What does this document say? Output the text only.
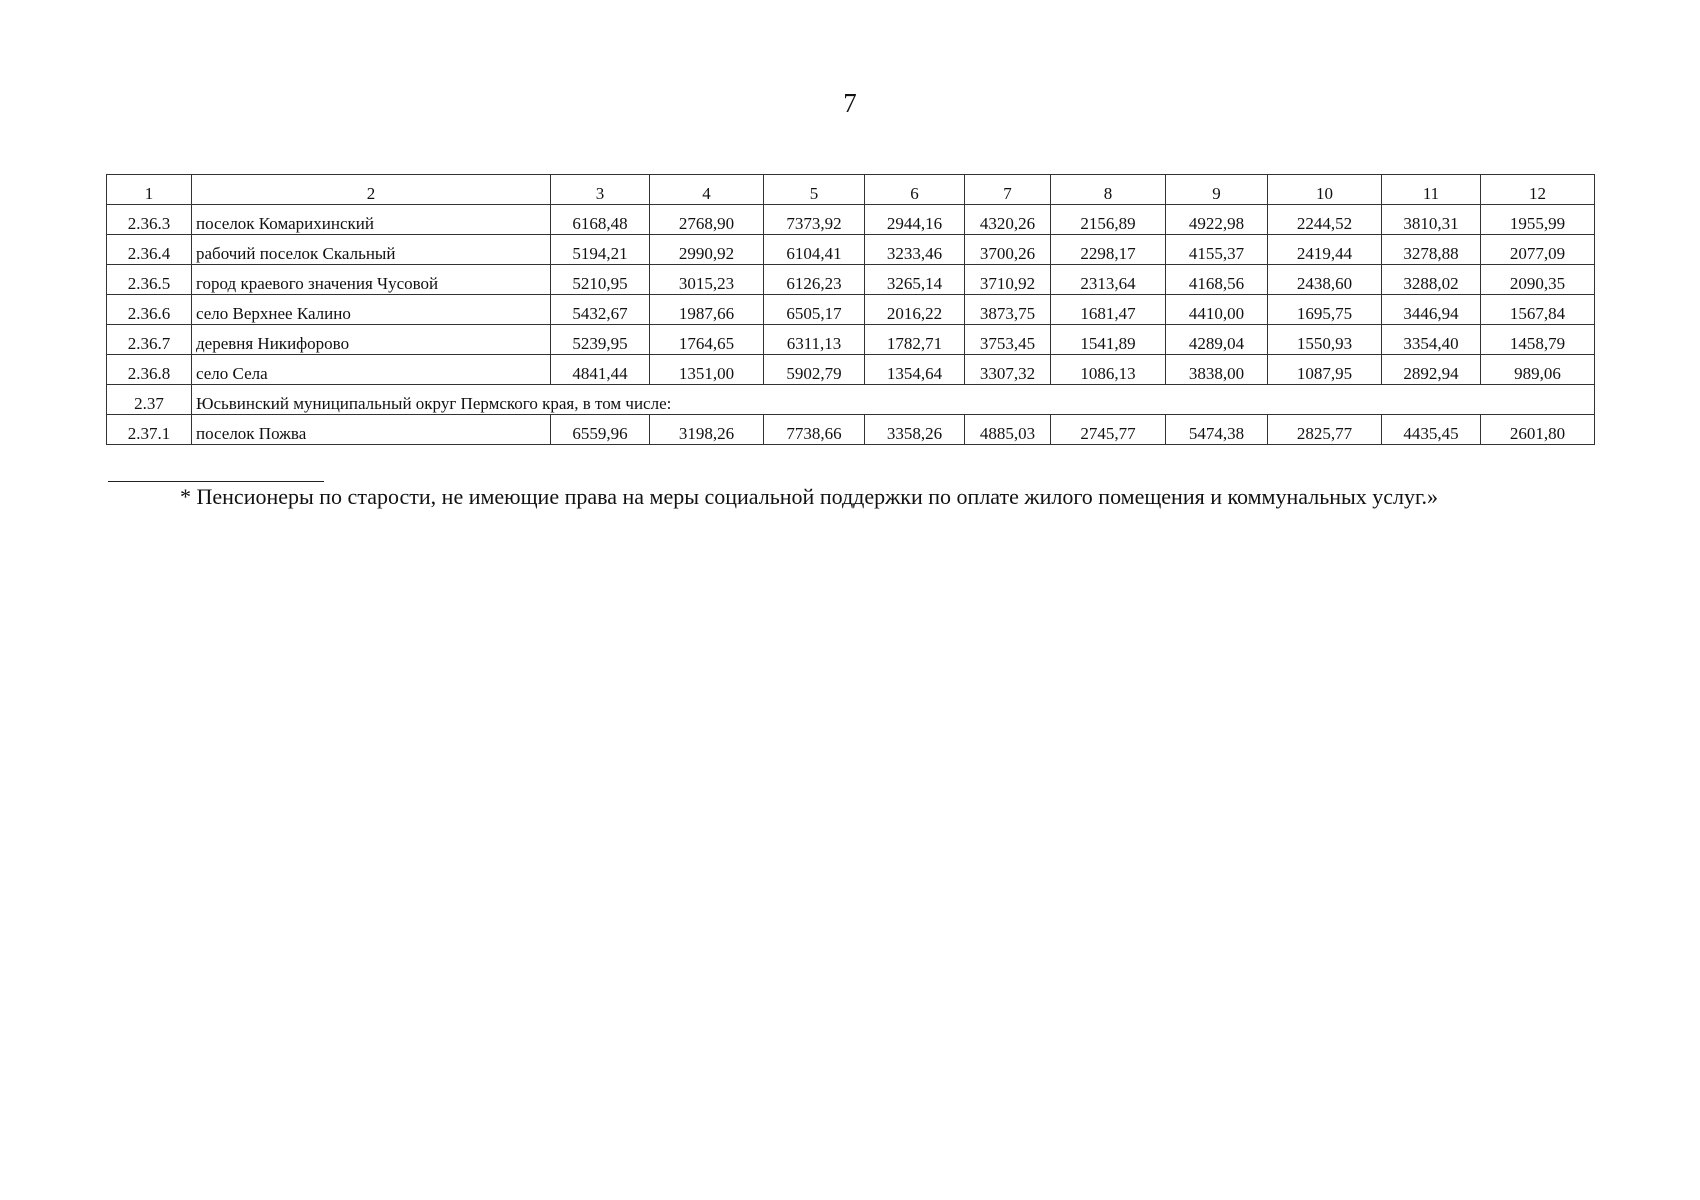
7
1	2	3	4	5	6	7	8	9	10	11	12
2.36.3	поселок Комарихинский	6168,48	2768,90	7373,92	2944,16	4320,26	2156,89	4922,98	2244,52	3810,31	1955,99
2.36.4	рабочий поселок Скальный	5194,21	2990,92	6104,41	3233,46	3700,26	2298,17	4155,37	2419,44	3278,88	2077,09
2.36.5	город краевого значения Чусовой	5210,95	3015,23	6126,23	3265,14	3710,92	2313,64	4168,56	2438,60	3288,02	2090,35
2.36.6	село Верхнее Калино	5432,67	1987,66	6505,17	2016,22	3873,75	1681,47	4410,00	1695,75	3446,94	1567,84
2.36.7	деревня Никифорово	5239,95	1764,65	6311,13	1782,71	3753,45	1541,89	4289,04	1550,93	3354,40	1458,79
2.36.8	село Села	4841,44	1351,00	5902,79	1354,64	3307,32	1086,13	3838,00	1087,95	2892,94	989,06
2.37	Юсьвинский муниципальный округ Пермского края, в том числе:										
2.37.1	поселок Пожва	6559,96	3198,26	7738,66	3358,26	4885,03	2745,77	5474,38	2825,77	4435,45	2601,80
* Пенсионеры по старости, не имеющие права на меры социальной поддержки по оплате жилого помещения и коммунальных услуг.»
